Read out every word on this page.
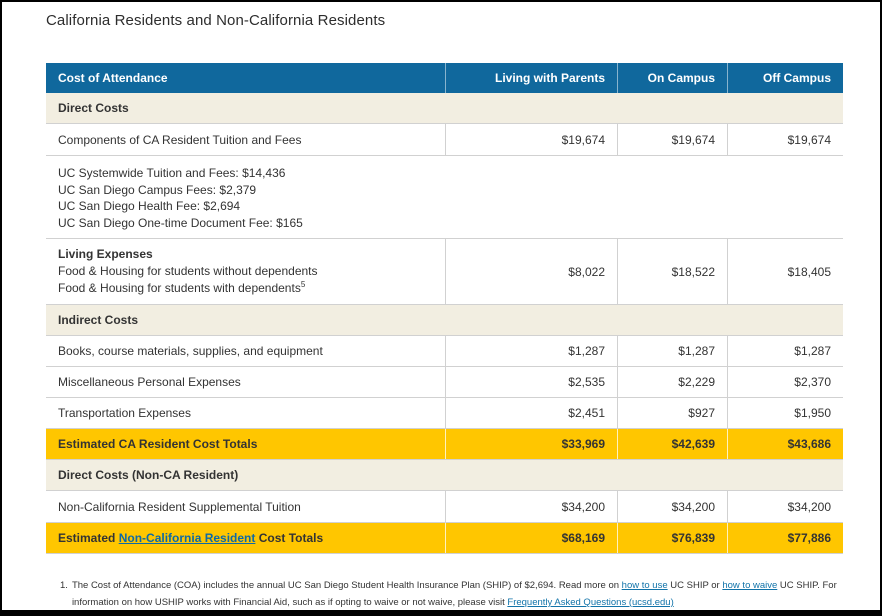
California Residents and Non-California Residents
Cost of Attendance	Living with Parents	On Campus	Off Campus
Direct Costs
Components of CA Resident Tuition and Fees	$19,674	$19,674	$19,674
UC Systemwide Tuition and Fees: $14,436
UC San Diego Campus Fees: $2,379
UC San Diego Health Fee: $2,694
UC San Diego One-time Document Fee: $165
Living Expenses
Food & Housing for students without dependents
Food & Housing for students with dependents$^5$
$8,022	$18,522	$18,405
Indirect Costs
Books, course materials, supplies, and equipment	$1,287	$1,287	$1,287
Miscellaneous Personal Expenses	$2,535	$2,229	$2,370
Transportation Expenses	$2,451	$927	$1,950
Estimated CA Resident Cost Totals	$33,969	$42,639	$43,686
Direct Costs (Non-CA Resident)
Non-California Resident Supplemental Tuition	$34,200	$34,200	$34,200
Estimated
Non-California Resident
Cost Totals	$68,169	$76,839	$77,886
1. The Cost of Attendance (COA) includes the annual UC San Diego Student Health Insurance Plan (SHIP) of $2,694. Read more on how to use UC SHIP or how to waive UC SHIP. For information on how USHIP works with Financial Aid, such as if opting to waive or not waive, please visit Frequently Asked Questions (ucsd.edu)
